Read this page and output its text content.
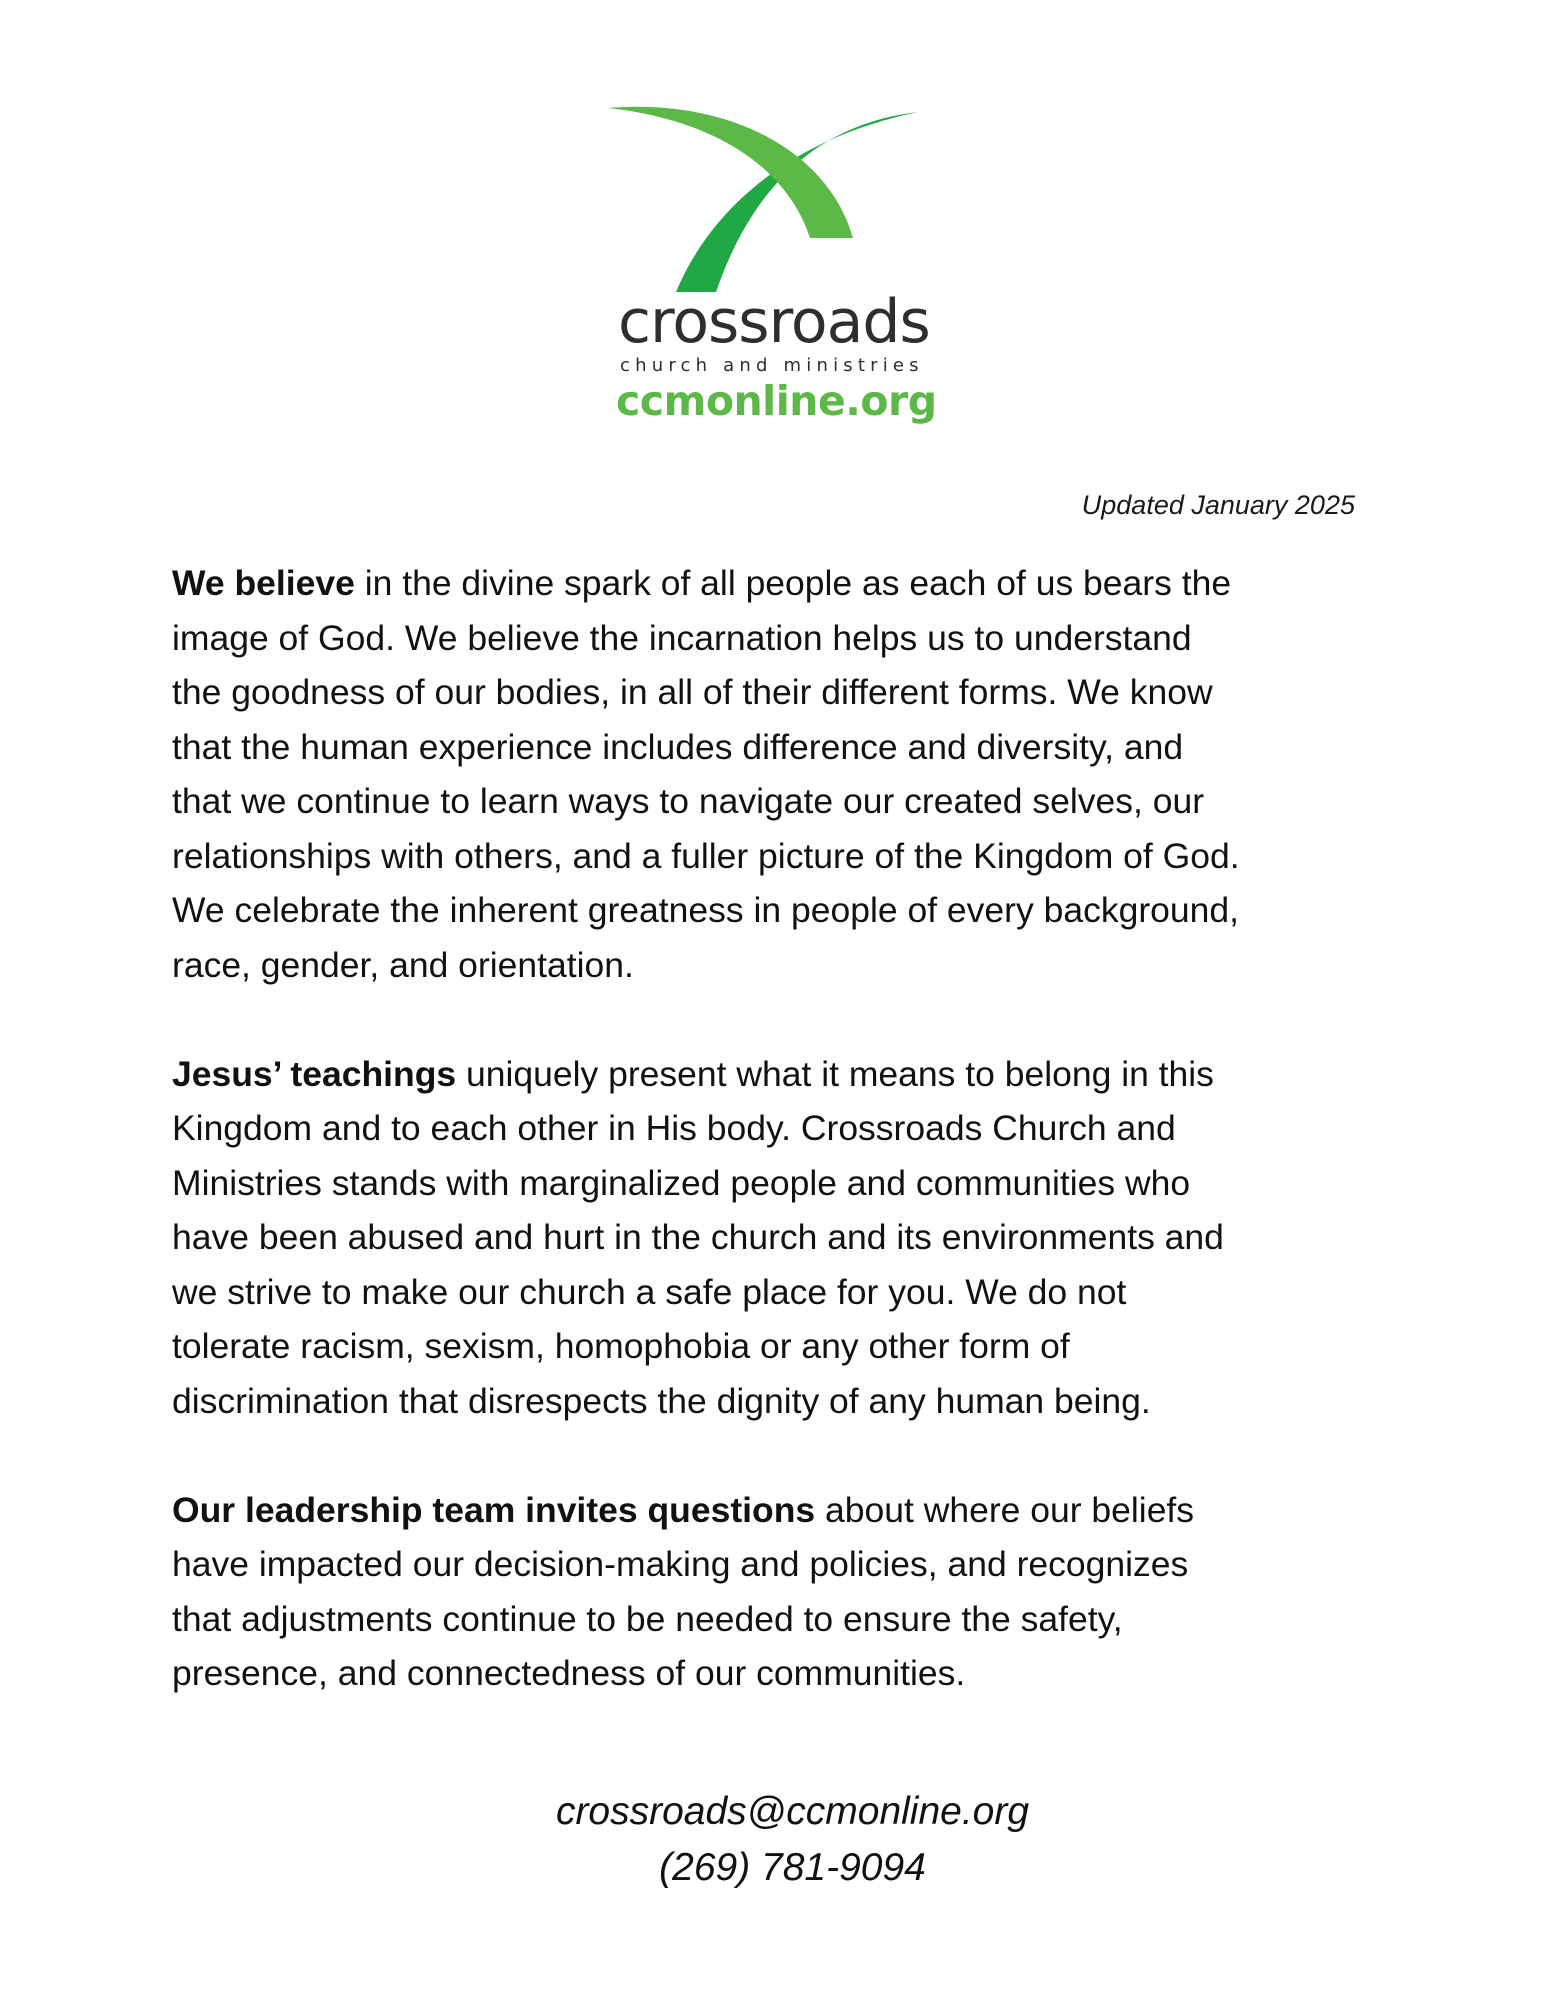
crossroads
church and ministries
ccmonline.org
Updated January 2025

We believe in the divine spark of all people as each of us bears the
image of God. We believe the incarnation helps us to understand
the goodness of our bodies, in all of their different forms. We know
that the human experience includes difference and diversity, and
that we continue to learn ways to navigate our created selves, our
relationships with others, and a fuller picture of the Kingdom of God.
We celebrate the inherent greatness in people of every background,
race, gender, and orientation.

Jesus’ teachings uniquely present what it means to belong in this
Kingdom and to each other in His body. Crossroads Church and
Ministries stands with marginalized people and communities who
have been abused and hurt in the church and its environments and
we strive to make our church a safe place for you. We do not
tolerate racism, sexism, homophobia or any other form of
discrimination that disrespects the dignity of any human being.

Our leadership team invites questions about where our beliefs
have impacted our decision-making and policies, and recognizes
that adjustments continue to be needed to ensure the safety,
presence, and connectedness of our communities.

crossroads@ccmonline.org
(269) 781-9094
